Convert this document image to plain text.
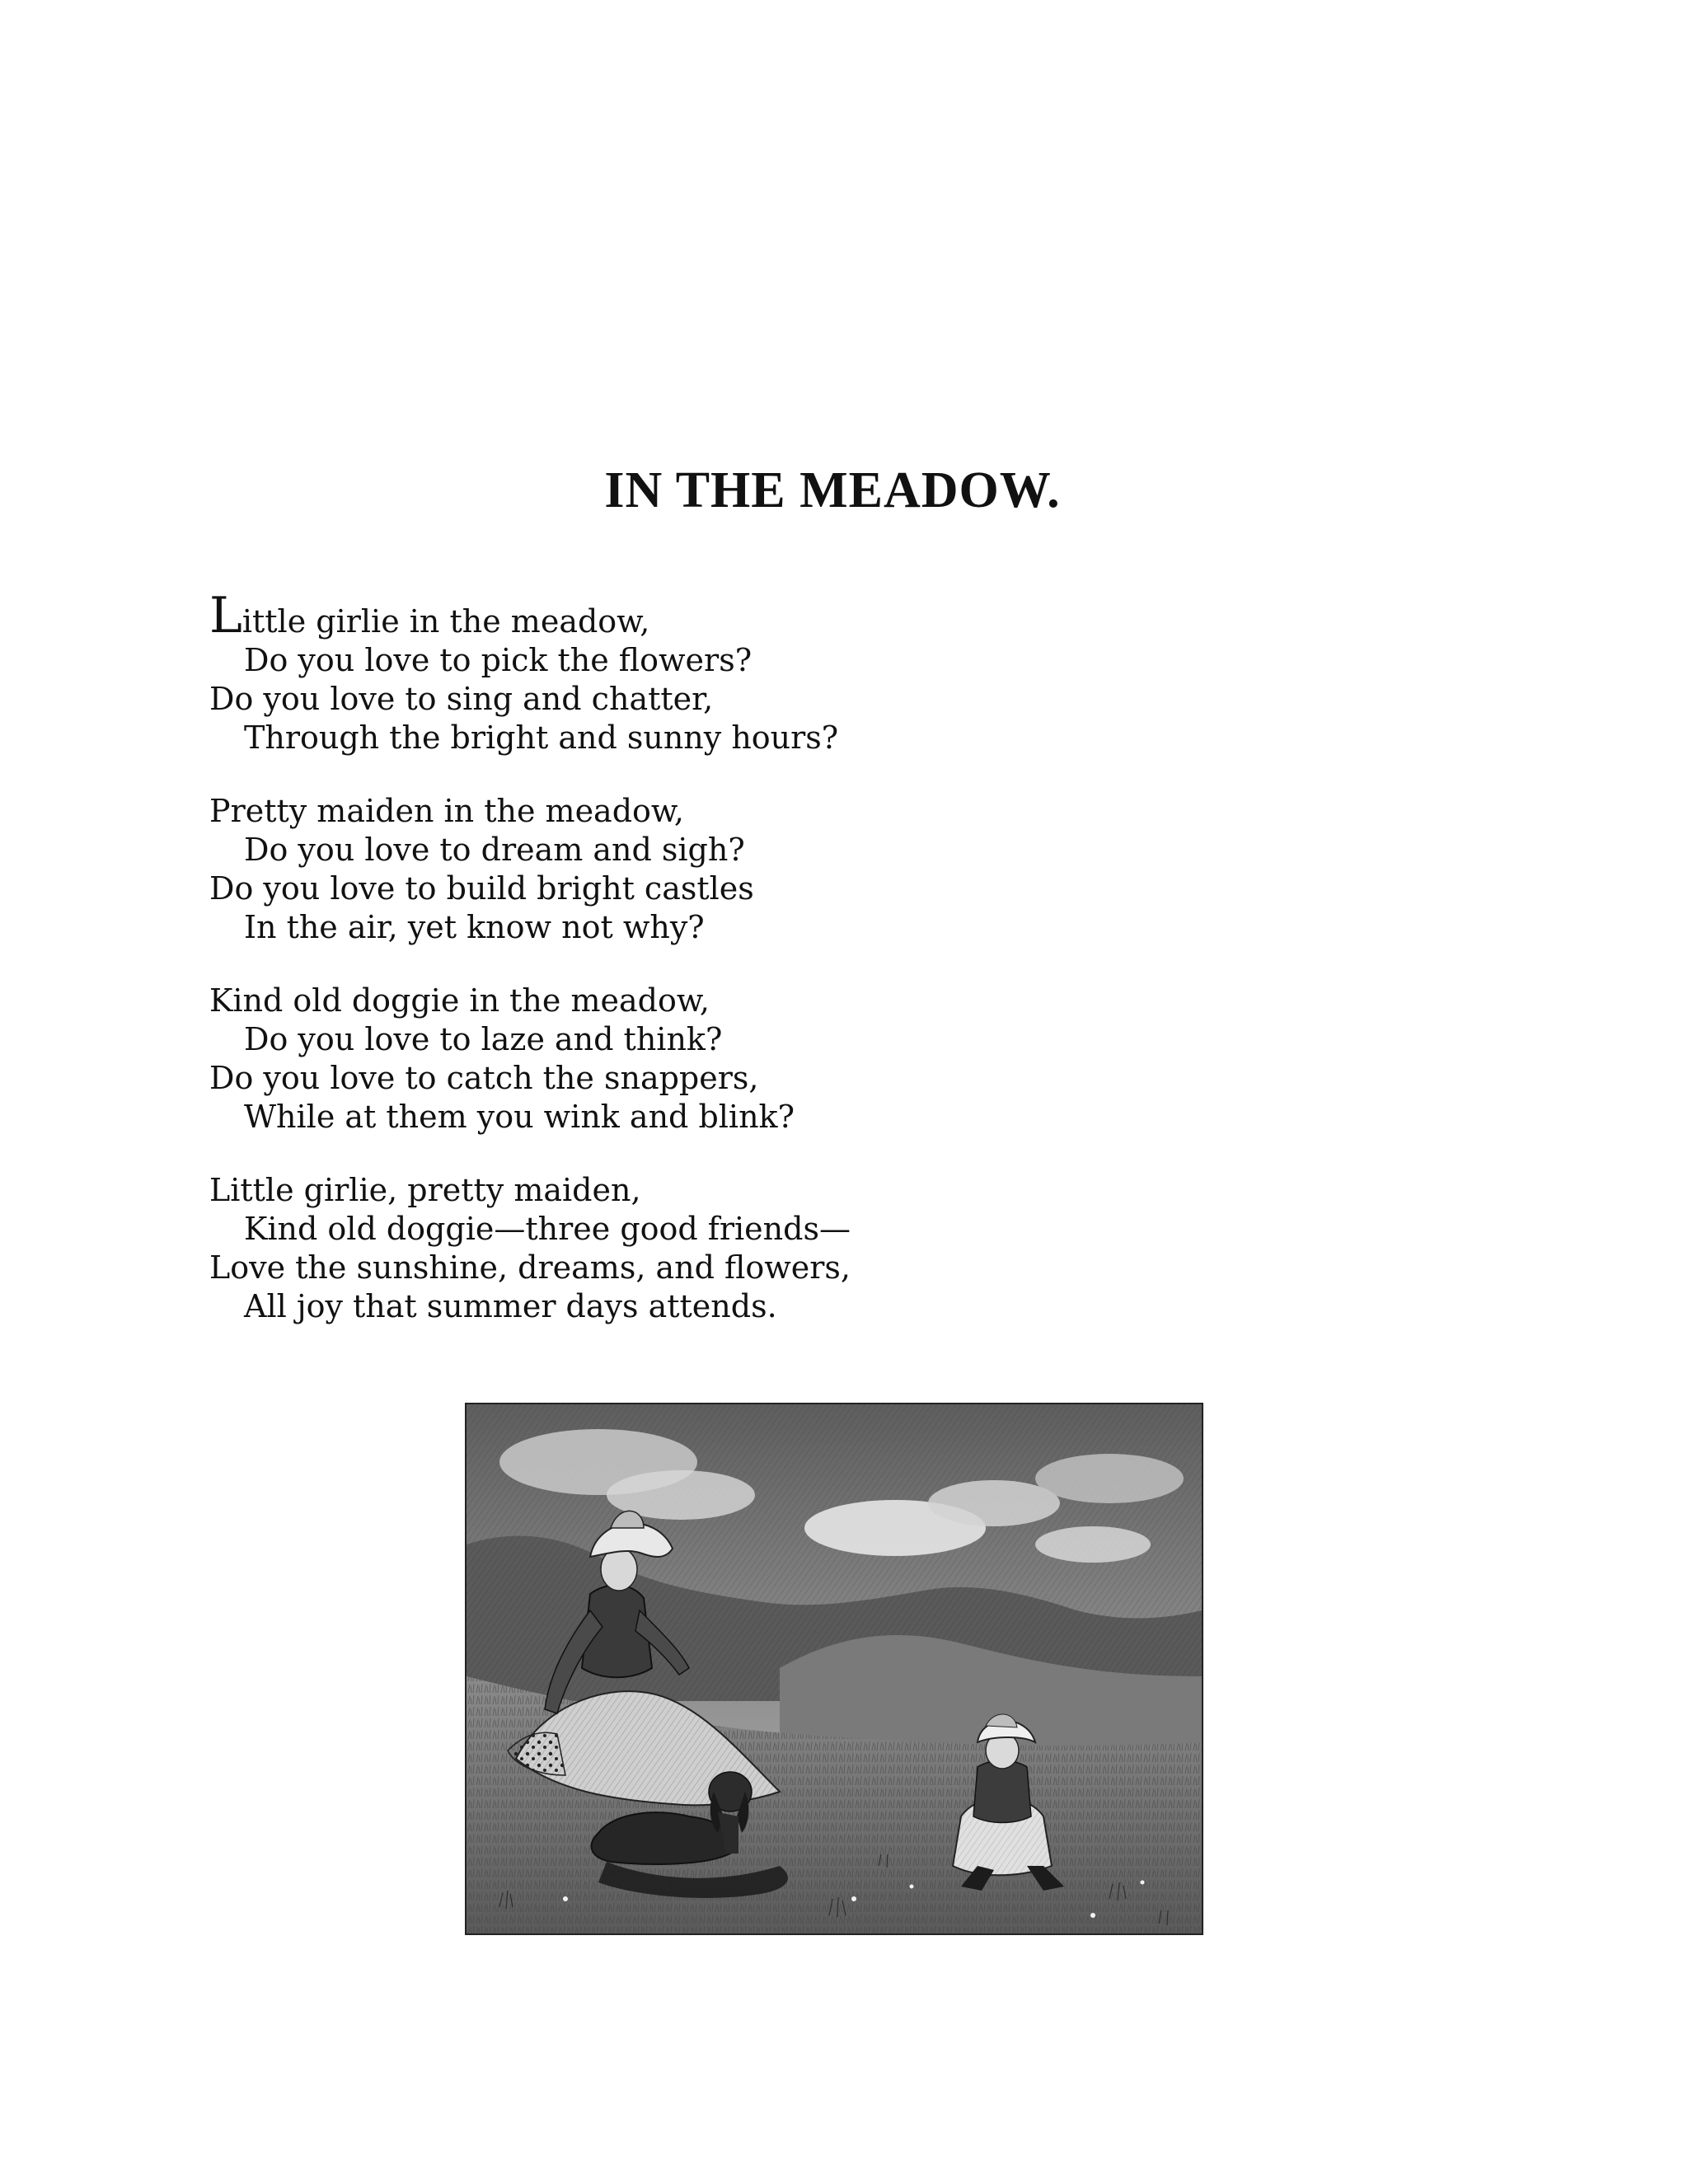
IN THE MEADOW.
Little girlie in the meadow,
Do you love to pick the flowers?
Do you love to sing and chatter,
Through the bright and sunny hours?
Pretty maiden in the meadow,
Do you love to dream and sigh?
Do you love to build bright castles
In the air, yet know not why?
Kind old doggie in the meadow,
Do you love to laze and think?
Do you love to catch the snappers,
While at them you wink and blink?
Little girlie, pretty maiden,
Kind old doggie—three good friends—
Love the sunshine, dreams, and flowers,
All joy that summer days attends.
